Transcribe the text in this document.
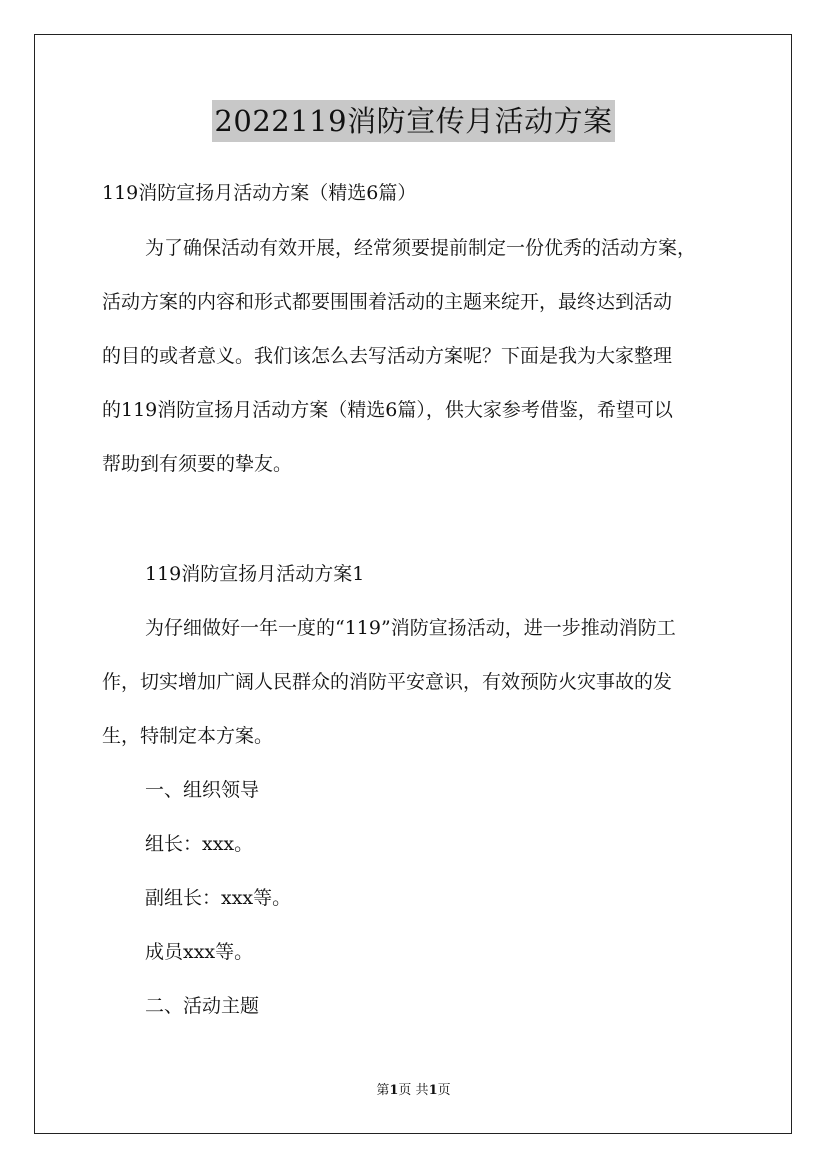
2022119消防宣传月活动方案
119消防宣扬月活动方案（精选6篇）
为了确保活动有效开展，经常须要提前制定一份优秀的活动方案，
活动方案的内容和形式都要围围着活动的主题来绽开，最终达到活动
的目的或者意义。我们该怎么去写活动方案呢？下面是我为大家整理
的119消防宣扬月活动方案（精选6篇），供大家参考借鉴，希望可以
帮助到有须要的挚友。
119消防宣扬月活动方案1
为仔细做好一年一度的“119”消防宣扬活动，进一步推动消防工
作，切实增加广阔人民群众的消防平安意识，有效预防火灾事故的发
生，特制定本方案。
一、组织领导
组长：xxx。
副组长：xxx等。
成员xxx等。
二、活动主题
第1页 共1页
